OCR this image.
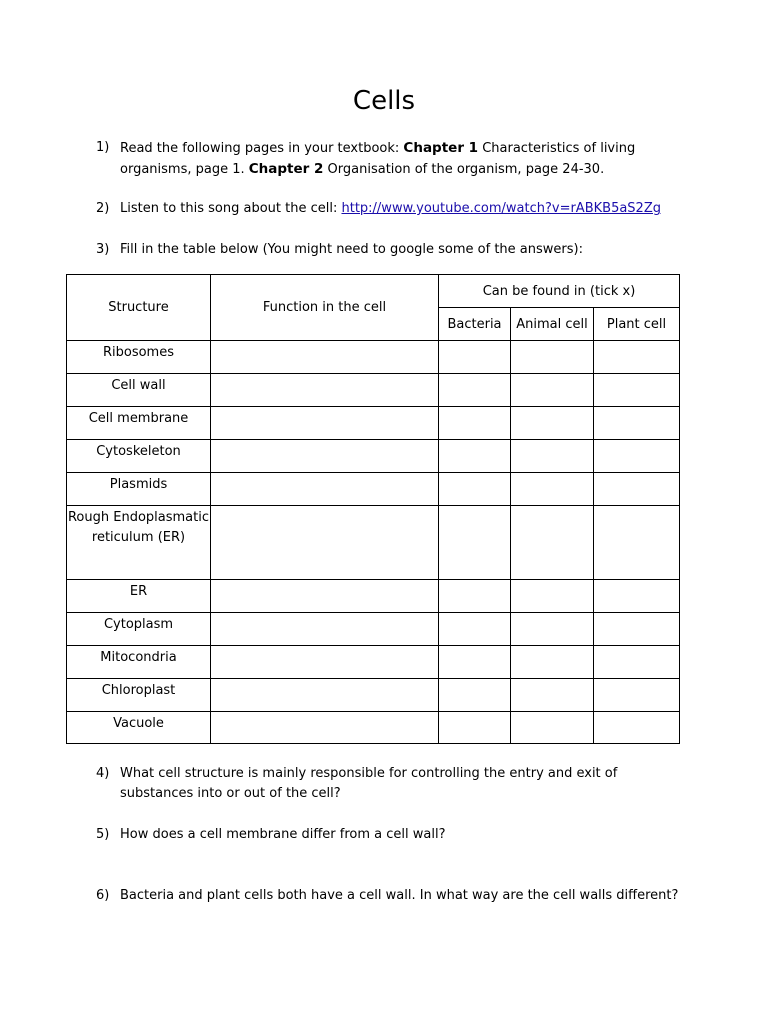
Cells
1) Read the following pages in your textbook: Chapter 1 Characteristics of living organisms, page 1. Chapter 2 Organisation of the organism, page 24-30.
2) Listen to this song about the cell: http://www.youtube.com/watch?v=rABKB5aS2Zg
3) Fill in the table below (You might need to google some of the answers):
Structure	Function in the cell	Can be found in (tick x)		
		Bacteria	Animal cell	Plant cell
Ribosomes				
Cell wall				
Cell membrane				
Cytoskeleton				
Plasmids				
Rough Endoplasmatic reticulum (ER)				
ER				
Cytoplasm				
Mitocondria				
Chloroplast				
Vacuole				
4) What cell structure is mainly responsible for controlling the entry and exit of substances into or out of the cell?
5) How does a cell membrane differ from a cell wall?
6) Bacteria and plant cells both have a cell wall. In what way are the cell walls different?
